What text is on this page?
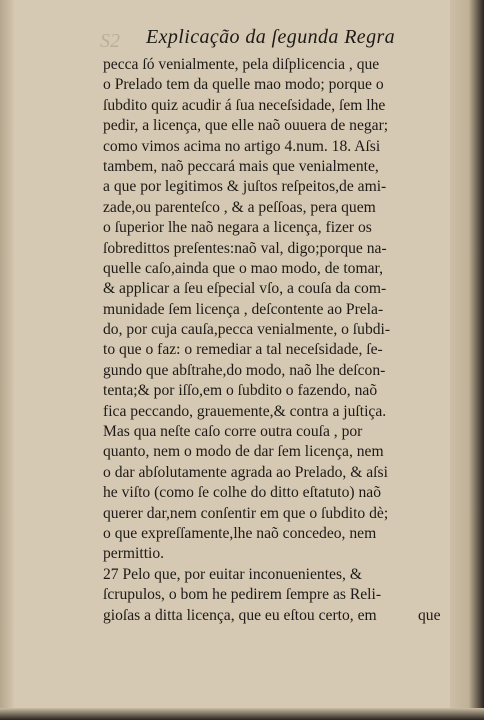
S2 Explicação da ſegunda Regra
pecca ſó venialmente, pela diſplicencia , que
o Prelado tem da quelle mao modo; porque o
ſubdito quiz acudir á ſua neceſsidade, ſem lhe
pedir, a licença, que elle naõ ouuera de negar;
como vimos acima no artigo 4.num. 18. Aſsi
tambem, naõ peccará mais que venialmente,
a que por legitimos & juſtos reſpeitos,de ami-
zade,ou parenteſco , & a peſſoas, pera quem
o ſuperior lhe naõ negara a licença, fizer os
ſobredittos preſentes:naõ val, digo;porque na-
quelle caſo,ainda que o mao modo, de tomar,
& applicar a ſeu eſpecial vſo, a couſa da com-
munidade ſem licença , deſcontente ao Prela-
do, por cuja cauſa,pecca venialmente, o ſubdi-
to que o faz: o remediar a tal neceſsidade, ſe-
gundo que abſtrahe,do modo, naõ lhe deſcon-
tenta;& por iſſo,em o ſubdito o fazendo, naõ
fica peccando, grauemente,& contra a juſtiça.
Mas qua neſte caſo corre outra couſa , por
quanto, nem o modo de dar ſem licença, nem
o dar abſolutamente agrada ao Prelado, & aſsi
he viſto (como ſe colhe do ditto eſtatuto) naõ
querer dar,nem conſentir em que o ſubdito dè;
o que expreſſamente,lhe naõ concedeo, nem
permittio.
27 Pelo que, por euitar inconuenientes, &
ſcrupulos, o bom he pedirem ſempre as Reli-
gioſas a ditta licença, que eu eſtou certo, em	que
